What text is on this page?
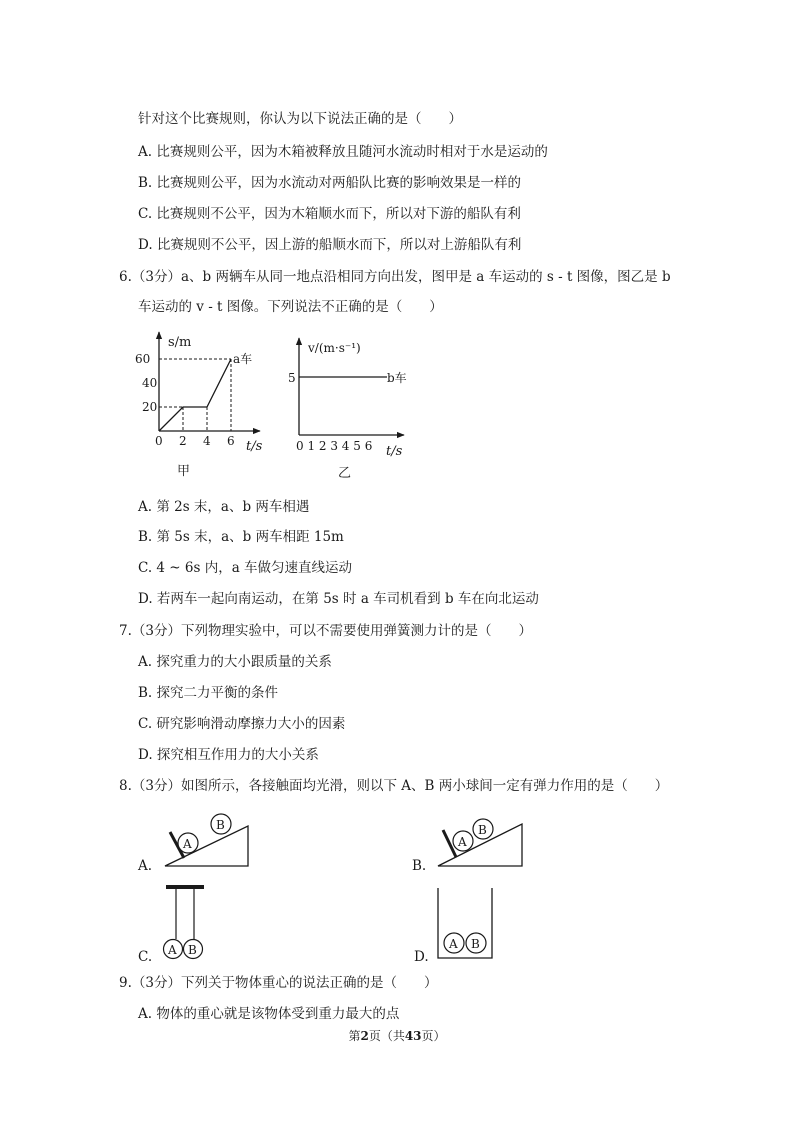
针对这个比赛规则，你认为以下说法正确的是（　　）
A. 比赛规则公平，因为木箱被释放且随河水流动时相对于水是运动的
B. 比赛规则公平，因为水流动对两船队比赛的影响效果是一样的
C. 比赛规则不公平，因为木箱顺水而下，所以对下游的船队有利
D. 比赛规则不公平，因上游的船顺水而下，所以对上游船队有利
6.（3分）a、b 两辆车从同一地点沿相同方向出发，图甲是 a 车运动的 s - t 图像，图乙是 b
车运动的 v - t 图像。下列说法不正确的是（　　）
s/m
60
40
20
0 2 4 6 t/s
a车
甲
v/(m·s⁻¹)
5
0 1 2 3 4 5 6 t/s
b车
乙
A. 第 2s 末，a、b 两车相遇
B. 第 5s 末，a、b 两车相距 15m
C. 4 ~ 6s 内，a 车做匀速直线运动
D. 若两车一起向南运动，在第 5s 时 a 车司机看到 b 车在向北运动
7.（3分）下列物理实验中，可以不需要使用弹簧测力计的是（　　）
A. 探究重力的大小跟质量的关系
B. 探究二力平衡的条件
C. 研究影响滑动摩擦力大小的因素
D. 探究相互作用力的大小关系
8.（3分）如图所示，各接触面均光滑，则以下 A、B 两小球间一定有弹力作用的是（　　）
A.
A
B
B.
A
B
C. A B	D.
A B
9.（3分）下列关于物体重心的说法正确的是（　　）
A. 物体的重心就是该物体受到重力最大的点
第2页（共43页）
